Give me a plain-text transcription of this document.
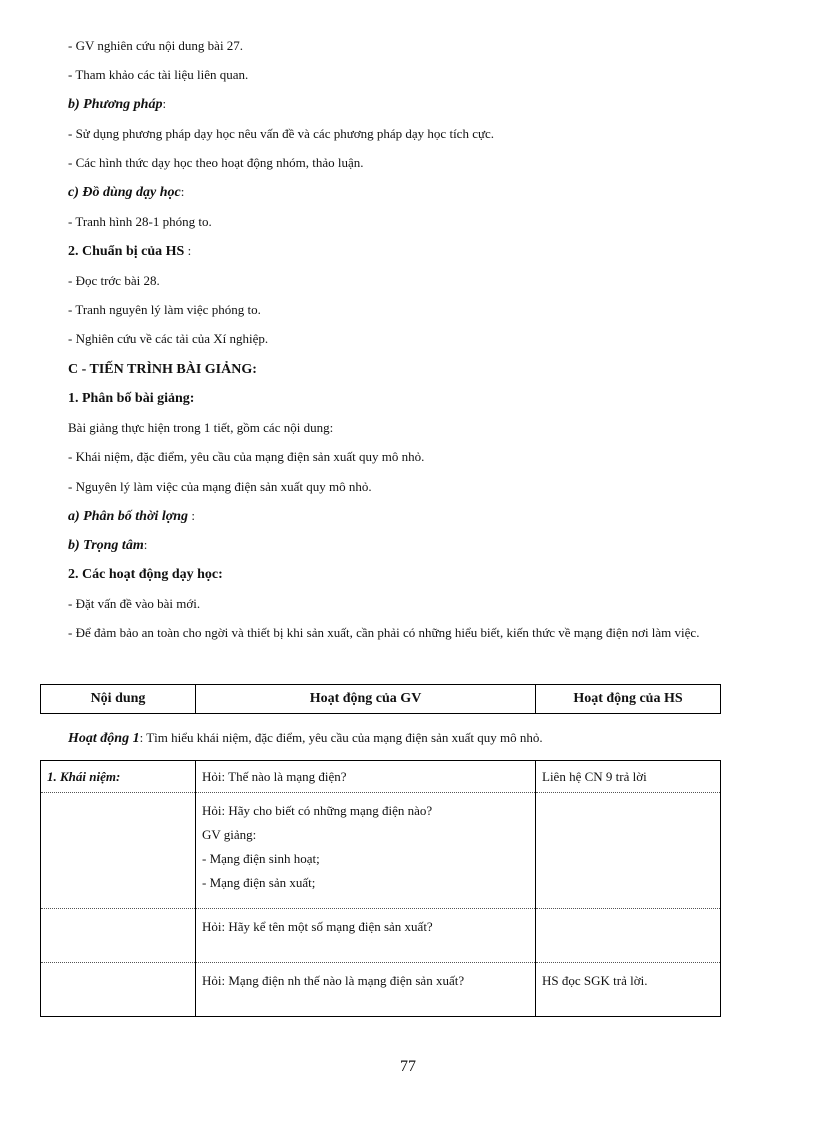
- GV nghiên cứu nội dung bài 27.
- Tham khảo các tài liệu liên quan.
b) Phương pháp:
- Sử dụng phương pháp dạy học nêu vấn đề và các phương pháp dạy học tích cực.
- Các hình thức dạy học theo hoạt động nhóm, thảo luận.
c) Đồ dùng dạy học:
- Tranh hình 28-1 phóng to.
2. Chuẩn bị của HS :
- Đọc trớc bài 28.
- Tranh nguyên lý làm việc phóng to.
- Nghiên cứu về các tải của Xí nghiệp.
C - TIẾN TRÌNH BÀI GIẢNG:
1. Phân bố bài giảng:
Bài giảng thực hiện trong 1 tiết, gồm các nội dung:
- Khái niệm, đặc điểm, yêu cầu của mạng điện sản xuất quy mô nhỏ.
- Nguyên lý làm việc của mạng điện sản xuất quy mô nhỏ.
a) Phân bố thời lợng :
b) Trọng tâm:
2. Các hoạt động dạy học:
- Đặt vấn đề vào bài mới.
- Để đảm bảo an toàn cho ngời và thiết bị khi sản xuất, cần phải có những hiểu biết, kiến thức về mạng điện nơi làm việc.
Nội dung	Hoạt động của GV	Hoạt động của HS
Hoạt động 1: Tìm hiểu khái niệm, đặc điểm, yêu cầu của mạng điện sản xuất quy mô nhỏ.
1. Khái niệm:	Hỏi: Thế nào là mạng điện?	Liên hệ CN 9 trả lời

	Hỏi: Hãy cho biết có những mạng điện nào?
GV giảng:
- Mạng điện sinh hoạt;
- Mạng điện sản xuất;	

	Hỏi: Hãy kể tên một số mạng điện sản xuất?	
	Hỏi: Mạng điện nh thế nào là mạng điện sản xuất?	HS đọc SGK trả lời.
77
